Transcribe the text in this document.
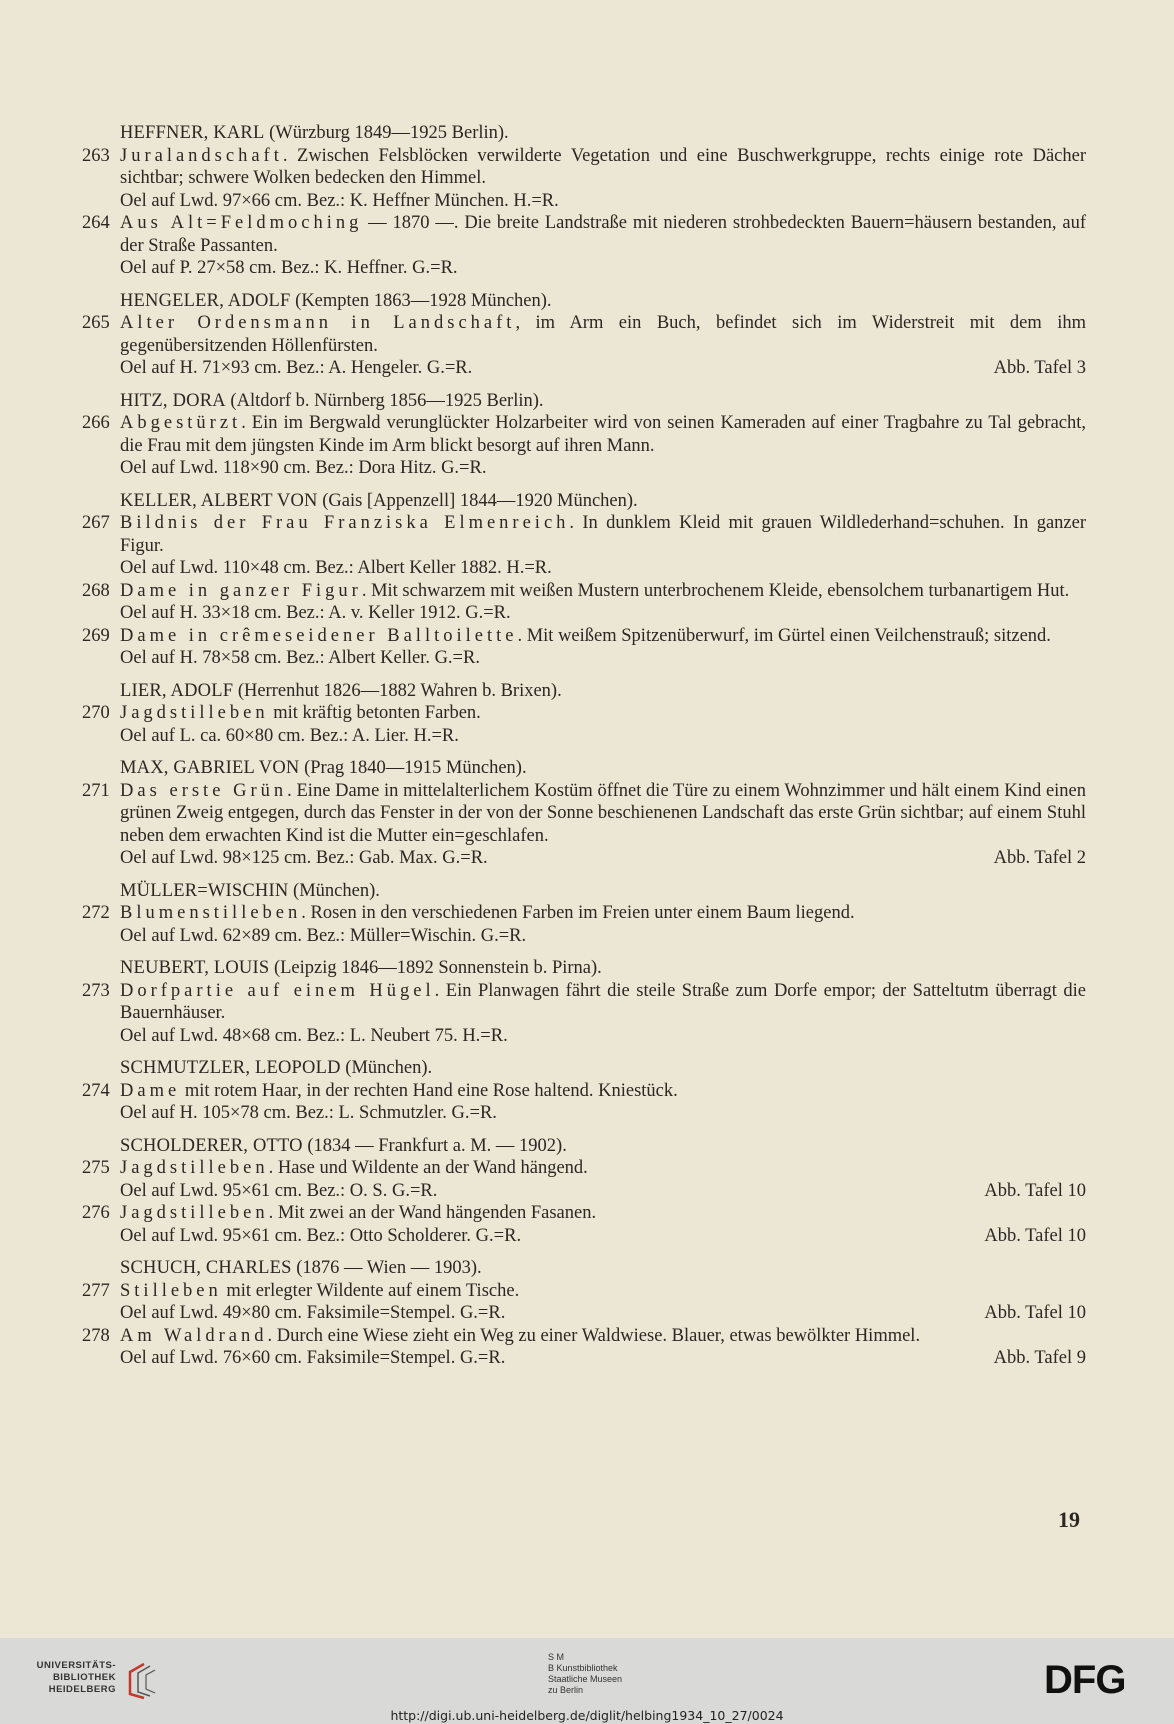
HEFFNER, KARL (Würzburg 1849—1925 Berlin).
263 Juralandschaft. Zwischen Felsblöcken verwilderte Vegetation und eine Buschwerkgruppe, rechts einige rote Dächer sichtbar; schwere Wolken bedecken den Himmel.
Oel auf Lwd. 97×66 cm. Bez.: K. Heffner München. H.=R.
264 Aus Alt=Feldmoching — 1870 —. Die breite Landstraße mit niederen strohbedeckten Bauern=häusern bestanden, auf der Straße Passanten.
Oel auf P. 27×58 cm. Bez.: K. Heffner. G.=R.
HENGELER, ADOLF (Kempten 1863—1928 München).
265 Alter Ordensmann in Landschaft, im Arm ein Buch, befindet sich im Widerstreit mit dem ihm gegenübersitzenden Höllenfürsten.
Oel auf H. 71×93 cm. Bez.: A. Hengeler. G.=R.	Abb. Tafel 3
HITZ, DORA (Altdorf b. Nürnberg 1856—1925 Berlin).
266 Abgestürzt. Ein im Bergwald verunglückter Holzarbeiter wird von seinen Kameraden auf einer Tragbahre zu Tal gebracht, die Frau mit dem jüngsten Kinde im Arm blickt besorgt auf ihren Mann.
Oel auf Lwd. 118×90 cm. Bez.: Dora Hitz. G.=R.
KELLER, ALBERT VON (Gais [Appenzell] 1844—1920 München).
267 Bildnis der Frau Franziska Elmenreich. In dunklem Kleid mit grauen Wildlederhand=schuhen. In ganzer Figur.
Oel auf Lwd. 110×48 cm. Bez.: Albert Keller 1882. H.=R.
268 Dame in ganzer Figur. Mit schwarzem mit weißen Mustern unterbrochenem Kleide, ebensolchem turbanartigem Hut.
Oel auf H. 33×18 cm. Bez.: A. v. Keller 1912. G.=R.
269 Dame in crêmeseidener Balltoilette. Mit weißem Spitzenüberwurf, im Gürtel einen Veilchenstrauß; sitzend.
Oel auf H. 78×58 cm. Bez.: Albert Keller. G.=R.
LIER, ADOLF (Herrenhut 1826—1882 Wahren b. Brixen).
270 Jagdstilleben mit kräftig betonten Farben.
Oel auf L. ca. 60×80 cm. Bez.: A. Lier. H.=R.
MAX, GABRIEL VON (Prag 1840—1915 München).
271 Das erste Grün. Eine Dame in mittelalterlichem Kostüm öffnet die Türe zu einem Wohnzimmer und hält einem Kind einen grünen Zweig entgegen, durch das Fenster in der von der Sonne beschienenen Landschaft das erste Grün sichtbar; auf einem Stuhl neben dem erwachten Kind ist die Mutter ein=geschlafen.
Oel auf Lwd. 98×125 cm. Bez.: Gab. Max. G.=R.	Abb. Tafel 2
MÜLLER=WISCHIN (München).
272 Blumenstilleben. Rosen in den verschiedenen Farben im Freien unter einem Baum liegend.
Oel auf Lwd. 62×89 cm. Bez.: Müller=Wischin. G.=R.
NEUBERT, LOUIS (Leipzig 1846—1892 Sonnenstein b. Pirna).
273 Dorfpartie auf einem Hügel. Ein Planwagen fährt die steile Straße zum Dorfe empor; der Satteltutm überragt die Bauernhäuser.
Oel auf Lwd. 48×68 cm. Bez.: L. Neubert 75. H.=R.
SCHMUTZLER, LEOPOLD (München).
274 Dame mit rotem Haar, in der rechten Hand eine Rose haltend. Kniestück.
Oel auf H. 105×78 cm. Bez.: L. Schmutzler. G.=R.
SCHOLDERER, OTTO (1834 — Frankfurt a. M. — 1902).
275 Jagdstilleben. Hase und Wildente an der Wand hängend.
Oel auf Lwd. 95×61 cm. Bez.: O. S. G.=R.	Abb. Tafel 10
276 Jagdstilleben. Mit zwei an der Wand hängenden Fasanen.
Oel auf Lwd. 95×61 cm. Bez.: Otto Scholderer. G.=R.	Abb. Tafel 10
SCHUCH, CHARLES (1876 — Wien — 1903).
277 Stilleben mit erlegter Wildente auf einem Tische.
Oel auf Lwd. 49×80 cm. Faksimile=Stempel. G.=R.	Abb. Tafel 10
278 Am Waldrand. Durch eine Wiese zieht ein Weg zu einer Waldwiese. Blauer, etwas bewölkter Himmel.
Oel auf Lwd. 76×60 cm. Faksimile=Stempel. G.=R.	Abb. Tafel 9
19
UNIVERSITÄTS-
BIBLIOTHEK
HEIDELBERG
S M
B Kunstbibliothek
Staatliche Museen
zu Berlin	DFG
http://digi.ub.uni-heidelberg.de/diglit/helbing1934_10_27/0024
